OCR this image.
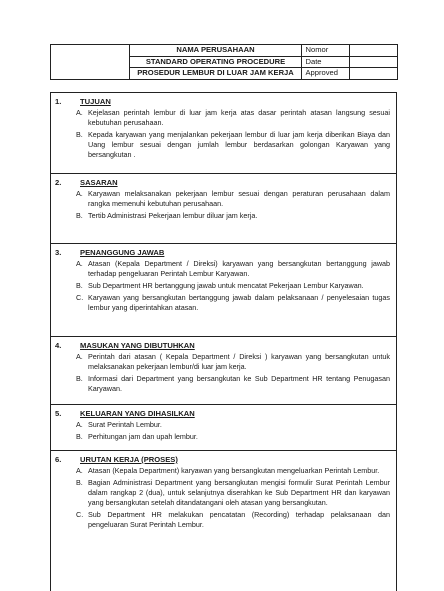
	NAMA PERUSAHAAN	Nomor	
	STANDARD OPERATING PROCEDURE	Date	
	PROSEDUR LEMBUR DI LUAR JAM KERJA	Approved	
1.	TUJUAN
A. Kejelasan perintah lembur di luar jam kerja atas dasar perintah atasan langsung sesuai kebutuhan perusahaan.
B. Kepada karyawan yang menjalankan pekerjaan lembur di luar jam kerja diberikan Biaya dan Uang lembur sesuai dengan jumlah lembur berdasarkan golongan Karyawan yang bersangkutan .
2.	SASARAN
A. Karyawan melaksanakan pekerjaan lembur sesuai dengan peraturan perusahaan dalam rangka memenuhi kebutuhan perusahaan.
B. Tertib Administrasi Pekerjaan lembur diluar jam kerja.
3.	PENANGGUNG JAWAB
A. Atasan (Kepala Department / Direksi) karyawan yang bersangkutan bertanggung jawab terhadap pengeluaran Perintah Lembur Karyawan.
B. Sub Department HR bertanggung jawab untuk mencatat Pekerjaan Lembur Karyawan.
C. Karyawan yang bersangkutan bertanggung jawab dalam pelaksanaan / penyelesaian tugas lembur yang diperintahkan atasan.
4.	MASUKAN YANG DIBUTUHKAN
A. Perintah dari atasan ( Kepala Department / Direksi ) karyawan yang bersangkutan untuk melaksanakan pekerjaan lembur/di luar jam kerja.
B. Informasi dari Department yang bersangkutan ke Sub Department HR tentang Penugasan Karyawan.
5.	KELUARAN YANG DIHASILKAN
A. Surat Perintah Lembur.
B. Perhitungan jam dan upah lembur.
6.	URUTAN KERJA (PROSES)
A. Atasan (Kepala Department) karyawan yang bersangkutan mengeluarkan Perintah Lembur.
B. Bagian Administrasi Department yang bersangkutan mengisi formulir Surat Perintah Lembur dalam rangkap 2 (dua), untuk selanjutnya diserahkan ke Sub Department HR dan karyawan yang bersangkutan setelah ditandatangani oleh atasan yang bersangkutan.
C. Sub Department HR melakukan pencatatan (Recording) terhadap pelaksanaan dan pengeluaran Surat Perintah Lembur.
